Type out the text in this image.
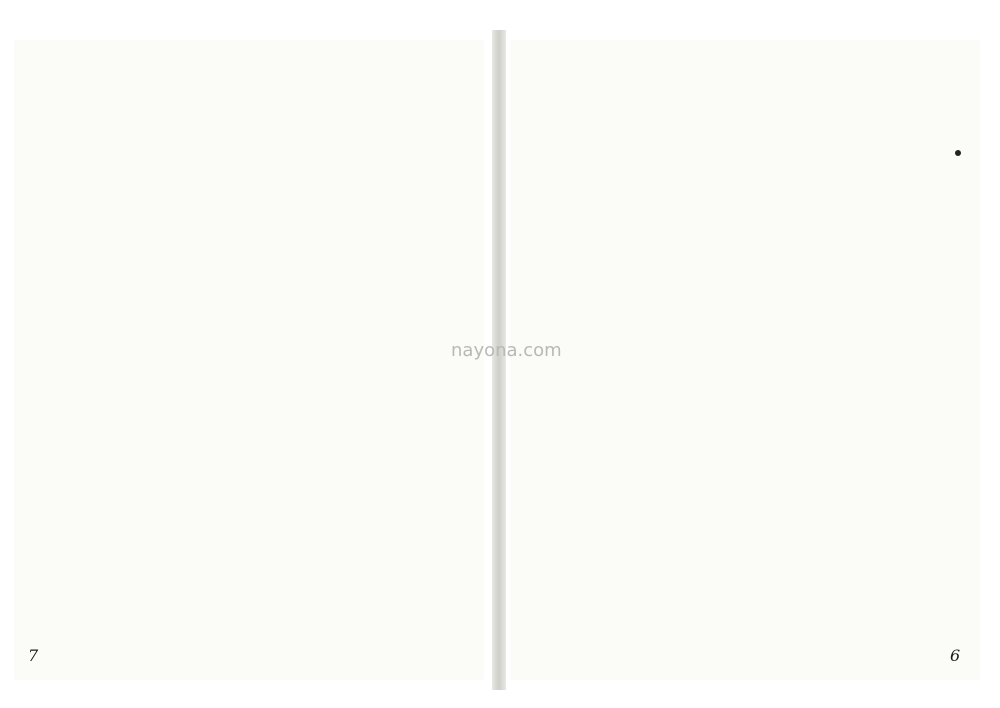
7	6
nayona.com
